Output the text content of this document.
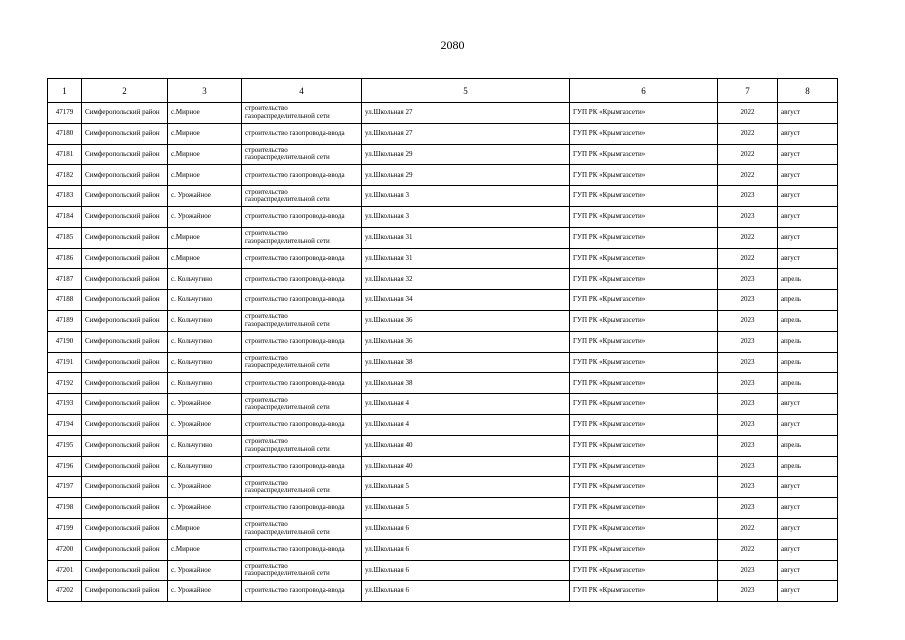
2080
1	2	3	4	5	6	7	8
47179	Симферопольский район	с.Мирное	строительство газораспределительной сети	ул.Школьная 27	ГУП РК «Крымгазсети»	2022	август
47180	Симферопольский район	с.Мирное	строительство газопровода-ввода	ул.Школьная 27	ГУП РК «Крымгазсети»	2022	август
47181	Симферопольский район	с.Мирное	строительство газораспределительной сети	ул.Школьная 29	ГУП РК «Крымгазсети»	2022	август
47182	Симферопольский район	с.Мирное	строительство газопровода-ввода	ул.Школьная 29	ГУП РК «Крымгазсети»	2022	август
47183	Симферопольский район	с. Урожайное	строительство газораспределительной сети	ул.Школьная 3	ГУП РК «Крымгазсети»	2023	август
47184	Симферопольский район	с. Урожайное	строительство газопровода-ввода	ул.Школьная 3	ГУП РК «Крымгазсети»	2023	август
47185	Симферопольский район	с.Мирное	строительство газораспределительной сети	ул.Школьная 31	ГУП РК «Крымгазсети»	2022	август
47186	Симферопольский район	с.Мирное	строительство газопровода-ввода	ул.Школьная 31	ГУП РК «Крымгазсети»	2022	август
47187	Симферопольский район	с. Кольчугино	строительство газопровода-ввода	ул.Школьная 32	ГУП РК «Крымгазсети»	2023	апрель
47188	Симферопольский район	с. Кольчугино	строительство газопровода-ввода	ул.Школьная 34	ГУП РК «Крымгазсети»	2023	апрель
47189	Симферопольский район	с. Кольчугино	строительство газораспределительной сети	ул.Школьная 36	ГУП РК «Крымгазсети»	2023	апрель
47190	Симферопольский район	с. Кольчугино	строительство газопровода-ввода	ул.Школьная 36	ГУП РК «Крымгазсети»	2023	апрель
47191	Симферопольский район	с. Кольчугино	строительство газораспределительной сети	ул.Школьная 38	ГУП РК «Крымгазсети»	2023	апрель
47192	Симферопольский район	с. Кольчугино	строительство газопровода-ввода	ул.Школьная 38	ГУП РК «Крымгазсети»	2023	апрель
47193	Симферопольский район	с. Урожайное	строительство газораспределительной сети	ул.Школьная 4	ГУП РК «Крымгазсети»	2023	август
47194	Симферопольский район	с. Урожайное	строительство газопровода-ввода	ул.Школьная 4	ГУП РК «Крымгазсети»	2023	август
47195	Симферопольский район	с. Кольчугино	строительство газораспределительной сети	ул.Школьная 40	ГУП РК «Крымгазсети»	2023	апрель
47196	Симферопольский район	с. Кольчугино	строительство газопровода-ввода	ул.Школьная 40	ГУП РК «Крымгазсети»	2023	апрель
47197	Симферопольский район	с. Урожайное	строительство газораспределительной сети	ул.Школьная 5	ГУП РК «Крымгазсети»	2023	август
47198	Симферопольский район	с. Урожайное	строительство газопровода-ввода	ул.Школьная 5	ГУП РК «Крымгазсети»	2023	август
47199	Симферопольский район	с.Мирное	строительство газораспределительной сети	ул.Школьная 6	ГУП РК «Крымгазсети»	2022	август
47200	Симферопольский район	с.Мирное	строительство газопровода-ввода	ул.Школьная 6	ГУП РК «Крымгазсети»	2022	август
47201	Симферопольский район	с. Урожайное	строительство газораспределительной сети	ул.Школьная 6	ГУП РК «Крымгазсети»	2023	август
47202	Симферопольский район	с. Урожайное	строительство газопровода-ввода	ул.Школьная 6	ГУП РК «Крымгазсети»	2023	август
